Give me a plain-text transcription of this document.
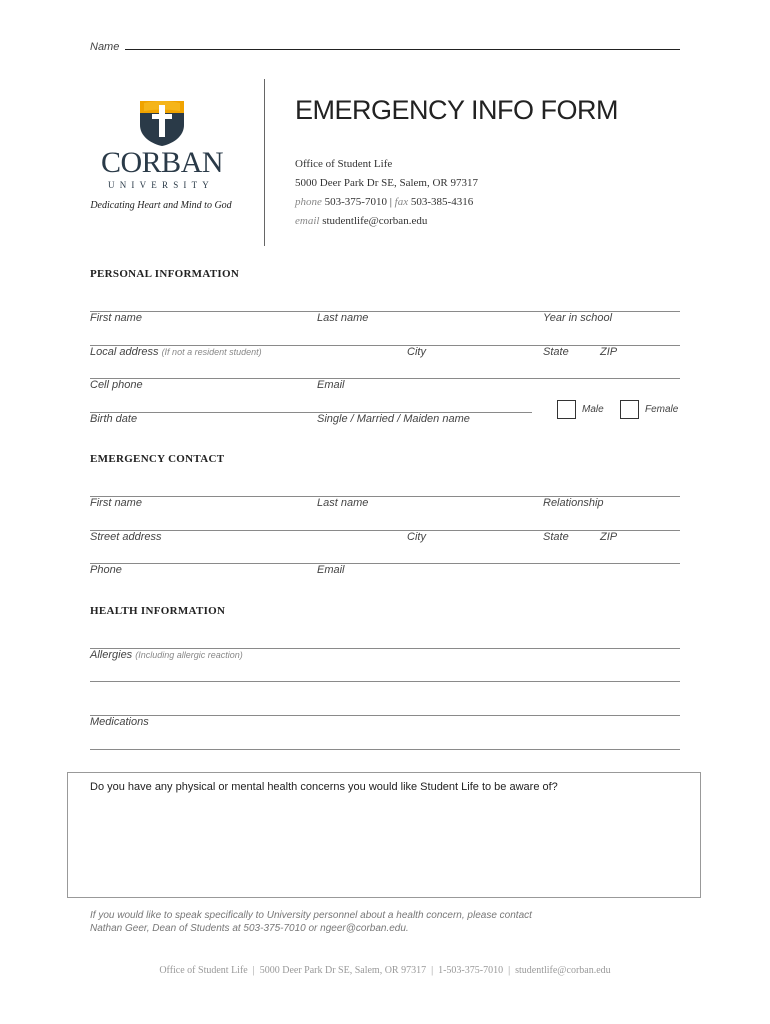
Name
CORBAN
UNIVERSITY
Dedicating Heart and Mind to God
EMERGENCY INFO FORM
Office of Student Life
5000 Deer Park Dr SE, Salem, OR 97317
phone 503-375-7010 | fax 503-385-4316
email studentlife@corban.edu
PERSONAL INFORMATION
First name	Last name	Year in school
Local address (If not a resident student)	City	State	ZIP
Cell phone	Email
Birth date	Single / Married / Maiden name
Male	Female
EMERGENCY CONTACT
First name	Last name	Relationship
Street address	City	State	ZIP
Phone	Email
HEALTH INFORMATION
Allergies (Including allergic reaction)
Medications
Do you have any physical or mental health concerns you would like Student Life to be aware of?
If you would like to speak specifically to University personnel about a health concern, please contact
Nathan Geer, Dean of Students at 503-375-7010 or ngeer@corban.edu.
Office of Student Life  |  5000 Deer Park Dr SE, Salem, OR 97317  |  1-503-375-7010  |  studentlife@corban.edu
